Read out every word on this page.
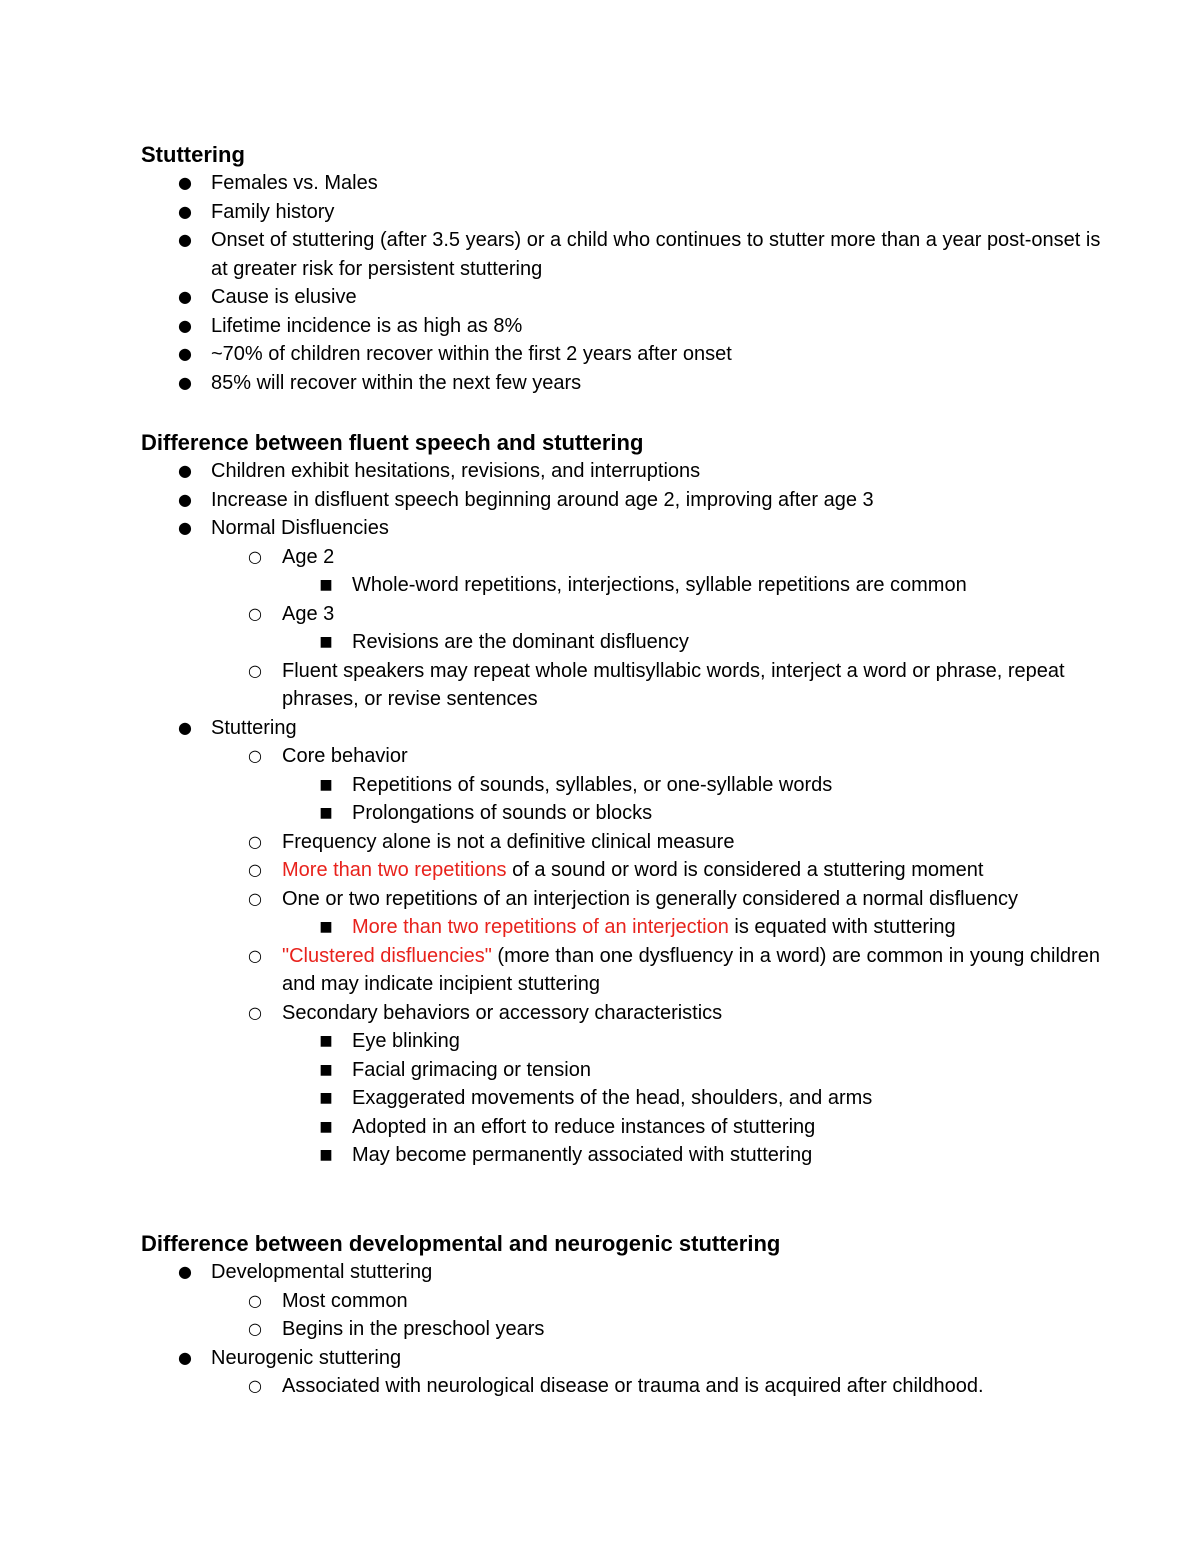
Stuttering
● Females vs. Males
● Family history
● Onset of stuttering (after 3.5 years) or a child who continues to stutter more than a year post-onset is at greater risk for persistent stuttering
● Cause is elusive
● Lifetime incidence is as high as 8%
● ~70% of children recover within the first 2 years after onset
● 85% will recover within the next few years
Difference between fluent speech and stuttering
● Children exhibit hesitations, revisions, and interruptions
● Increase in disfluent speech beginning around age 2, improving after age 3
● Normal Disfluencies
○ Age 2
■ Whole-word repetitions, interjections, syllable repetitions are common
○ Age 3
■ Revisions are the dominant disfluency
○ Fluent speakers may repeat whole multisyllabic words, interject a word or phrase, repeat phrases, or revise sentences
● Stuttering
○ Core behavior
■ Repetitions of sounds, syllables, or one-syllable words
■ Prolongations of sounds or blocks
○ Frequency alone is not a definitive clinical measure
○ More than two repetitions of a sound or word is considered a stuttering moment
○ One or two repetitions of an interjection is generally considered a normal disfluency
■ More than two repetitions of an interjection is equated with stuttering
○ "Clustered disfluencies" (more than one dysfluency in a word) are common in young children and may indicate incipient stuttering
○ Secondary behaviors or accessory characteristics
■ Eye blinking
■ Facial grimacing or tension
■ Exaggerated movements of the head, shoulders, and arms
■ Adopted in an effort to reduce instances of stuttering
■ May become permanently associated with stuttering
Difference between developmental and neurogenic stuttering
● Developmental stuttering
○ Most common
○ Begins in the preschool years
● Neurogenic stuttering
○ Associated with neurological disease or trauma and is acquired after childhood.
